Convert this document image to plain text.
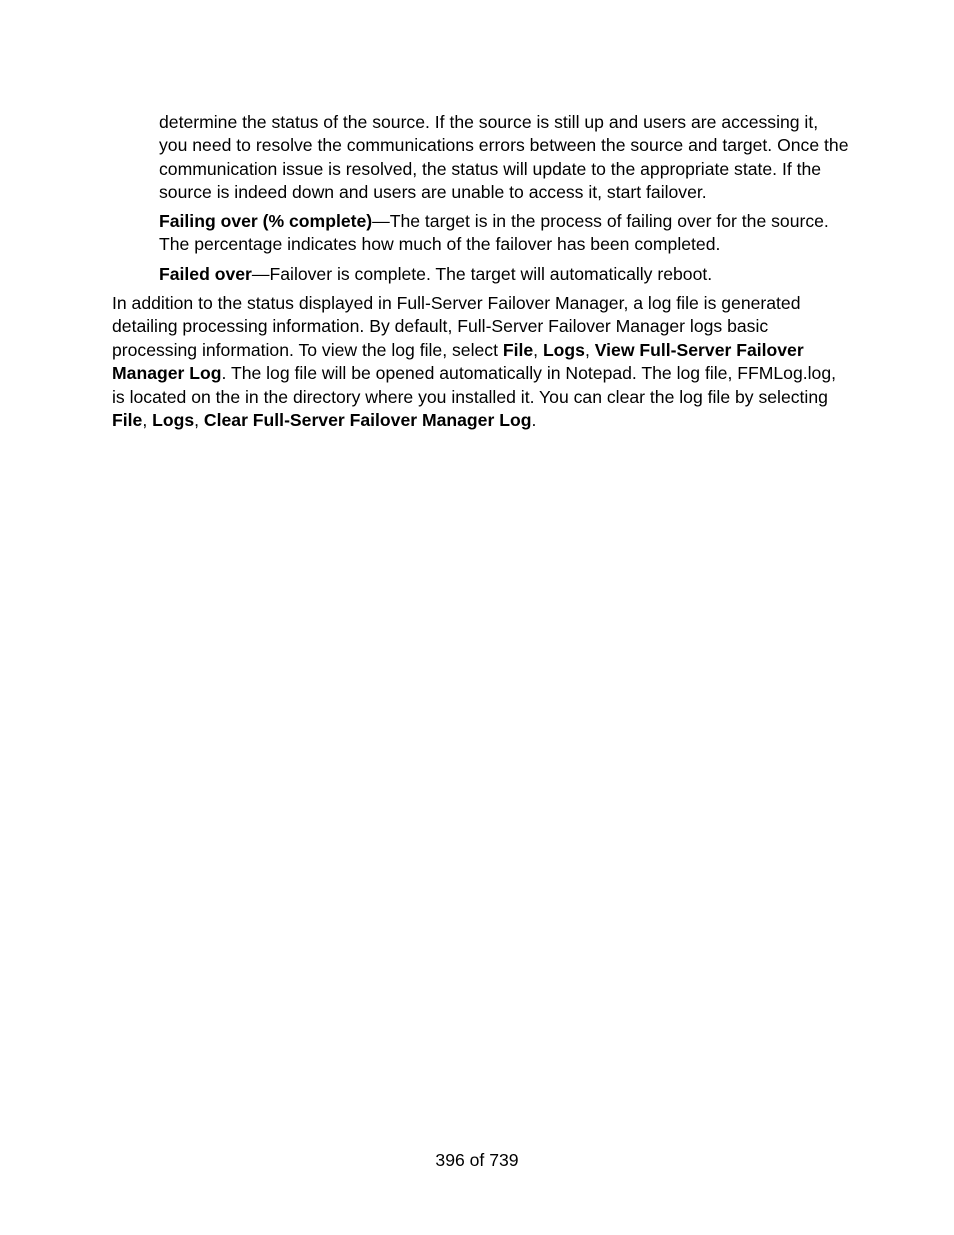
determine the status of the source. If the source is still up and users are accessing it, you need to resolve the communications errors between the source and target. Once the communication issue is resolved, the status will update to the appropriate state. If the source is indeed down and users are unable to access it, start failover.

Failing over (% complete)—The target is in the process of failing over for the source. The percentage indicates how much of the failover has been completed.

Failed over—Failover is complete. The target will automatically reboot.

In addition to the status displayed in Full-Server Failover Manager, a log file is generated detailing processing information. By default, Full-Server Failover Manager logs basic processing information. To view the log file, select File, Logs, View Full-Server Failover Manager Log. The log file will be opened automatically in Notepad. The log file, FFMLog.log, is located on the in the directory where you installed it. You can clear the log file by selecting File, Logs, Clear Full-Server Failover Manager Log.

396 of 739
